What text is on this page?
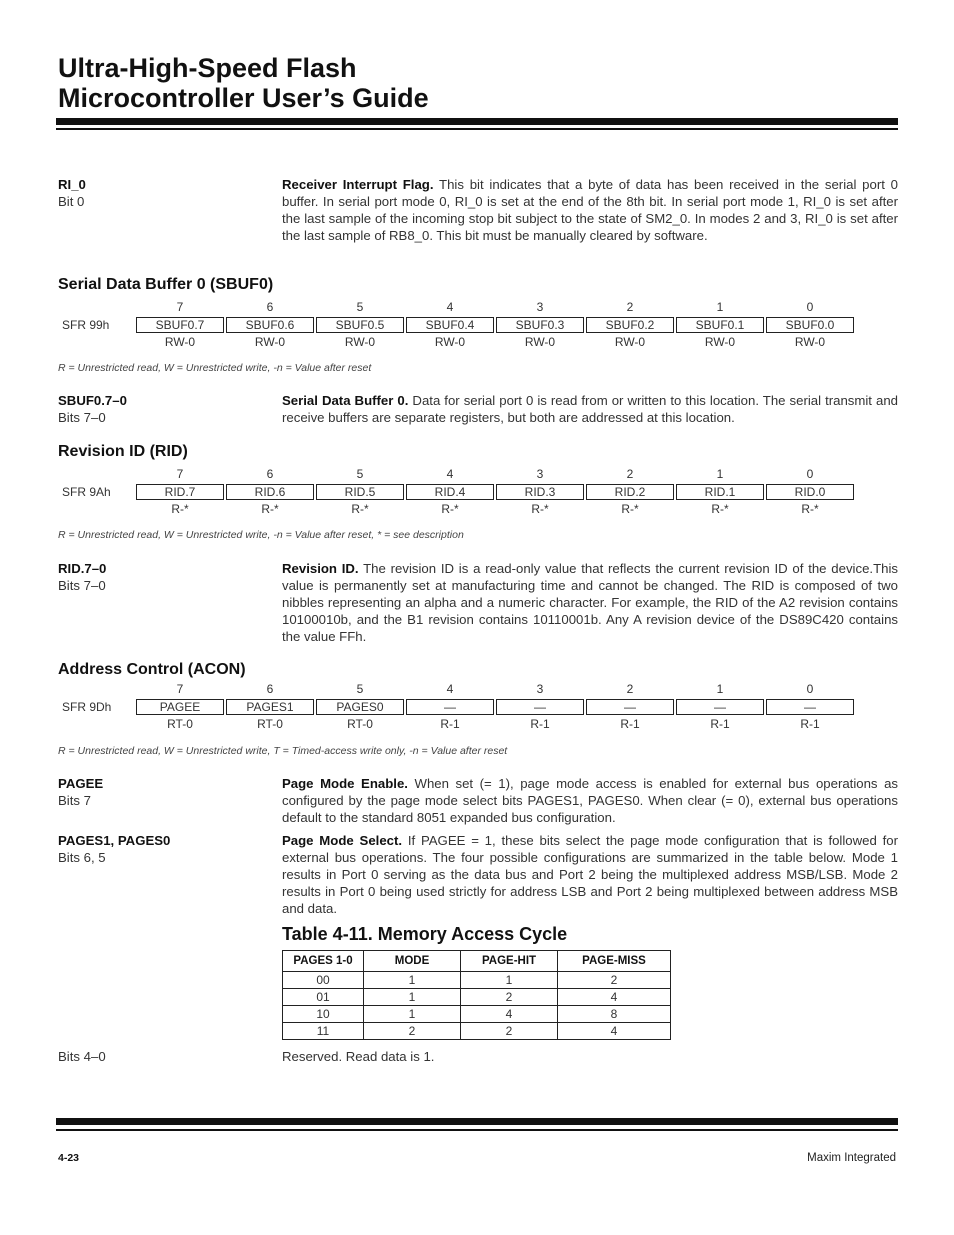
Ultra-High-Speed Flash
Microcontroller User’s Guide
RI_0
Bit 0
Receiver Interrupt Flag. This bit indicates that a byte of data has been received in the serial port 0 buffer. In serial port mode 0, RI_0 is set at the end of the 8th bit. In serial port mode 1, RI_0 is set after the last sample of the incoming stop bit subject to the state of SM2_0. In modes 2 and 3, RI_0 is set after the last sample of RB8_0. This bit must be manually cleared by software.
Serial Data Buffer 0 (SBUF0)
7	6	5	4	3	2	1	0
SFR 99h	SBUF0.7	SBUF0.6	SBUF0.5	SBUF0.4	SBUF0.3	SBUF0.2	SBUF0.1	SBUF0.0
RW-0	RW-0	RW-0	RW-0	RW-0	RW-0	RW-0	RW-0
R = Unrestricted read, W = Unrestricted write, -n = Value after reset
SBUF0.7–0
Bits 7–0
Serial Data Buffer 0. Data for serial port 0 is read from or written to this location. The serial transmit and receive buffers are separate registers, but both are addressed at this location.
Revision ID (RID)
7	6	5	4	3	2	1	0
SFR 9Ah	RID.7	RID.6	RID.5	RID.4	RID.3	RID.2	RID.1	RID.0
R-*	R-*	R-*	R-*	R-*	R-*	R-*	R-*
R = Unrestricted read, W = Unrestricted write, -n = Value after reset, * = see description
RID.7–0
Bits 7–0
Revision ID. The revision ID is a read-only value that reflects the current revision ID of the device.This value is permanently set at manufacturing time and cannot be changed. The RID is composed of two nibbles representing an alpha and a numeric character. For example, the RID of the A2 revision contains 10100010b, and the B1 revision contains 10110001b. Any A revision device of the DS89C420 contains the value FFh.
Address Control (ACON)
7	6	5	4	3	2	1	0
SFR 9Dh	PAGEE	PAGES1	PAGES0	—	—	—	—	—
RT-0	RT-0	RT-0	R-1	R-1	R-1	R-1	R-1
R = Unrestricted read, W = Unrestricted write, T = Timed-access write only, -n = Value after reset
PAGEE
Bits 7
Page Mode Enable. When set (= 1), page mode access is enabled for external bus operations as configured by the page mode select bits PAGES1, PAGES0. When clear (= 0), external bus operations default to the standard 8051 expanded bus configuration.
PAGES1, PAGES0
Bits 6, 5
Page Mode Select. If PAGEE = 1, these bits select the page mode configuration that is followed for external bus operations. The four possible configurations are summarized in the table below. Mode 1 results in Port 0 serving as the data bus and Port 2 being the multiplexed address MSB/LSB. Mode 2 results in Port 0 being used strictly for address LSB and Port 2 being multiplexed between address MSB and data.
Table 4-11. Memory Access Cycle
PAGES 1-0	MODE	PAGE-HIT	PAGE-MISS
00	1	1	2
01	1	2	4
10	1	4	8
11	2	2	4
Bits 4–0	Reserved. Read data is 1.
4-23	Maxim Integrated
